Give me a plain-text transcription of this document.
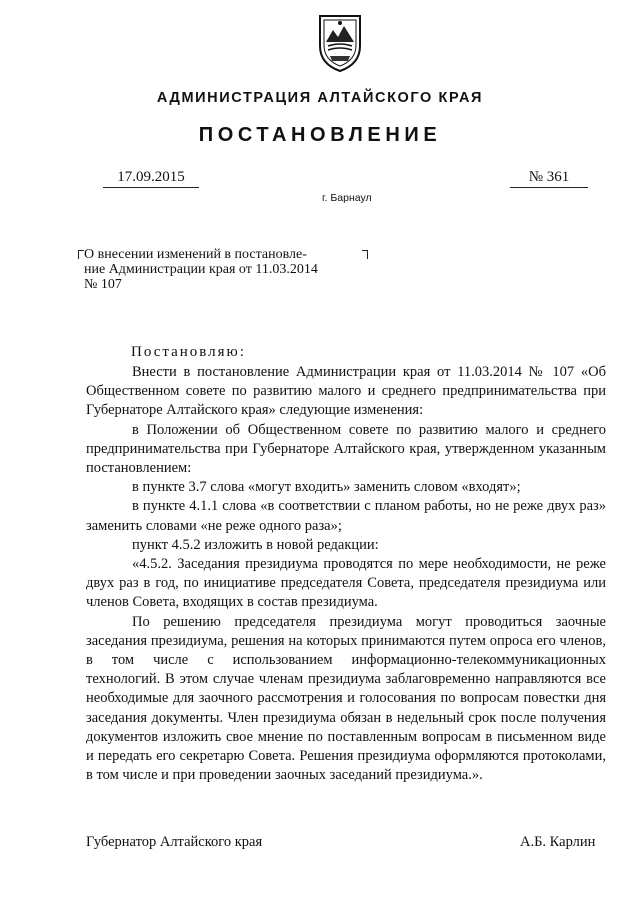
АДМИНИСТРАЦИЯ АЛТАЙСКОГО КРАЯ
ПОСТАНОВЛЕНИЕ
17.09.2015	№ 361
г. Барнаул
О внесении изменений в постановле-
ние Администрации края от 11.03.2014
№ 107
Постановляю:

Внести в постановление Администрации края от 11.03.2014 № 107 «Об Общественном совете по развитию малого и среднего предпринимательства при Губернаторе Алтайского края» следующие изменения:

в Положении об Общественном совете по развитию малого и среднего предпринимательства при Губернаторе Алтайского края, утвержденном указанным постановлением:

в пункте 3.7 слова «могут входить» заменить словом «входят»;

в пункте 4.1.1 слова «в соответствии с планом работы, но не реже двух раз» заменить словами «не реже одного раза»;

пункт 4.5.2 изложить в новой редакции:

«4.5.2. Заседания президиума проводятся по мере необходимости, не реже двух раз в год, по инициативе председателя Совета, председателя президиума или членов Совета, входящих в состав президиума.

По решению председателя президиума могут проводиться заочные заседания президиума, решения на которых принимаются путем опроса его членов, в том числе с использованием информационно-телекоммуникационных технологий. В этом случае членам президиума заблаговременно направляются все необходимые для заочного рассмотрения и голосования по вопросам повестки дня заседания документы. Член президиума обязан в недельный срок после получения документов изложить свое мнение по поставленным вопросам в письменном виде и передать его секретарю Совета. Решения президиума оформляются протоколами, в том числе и при проведении заочных заседаний президиума.».

Губернатор Алтайского края	А.Б. Карлин
